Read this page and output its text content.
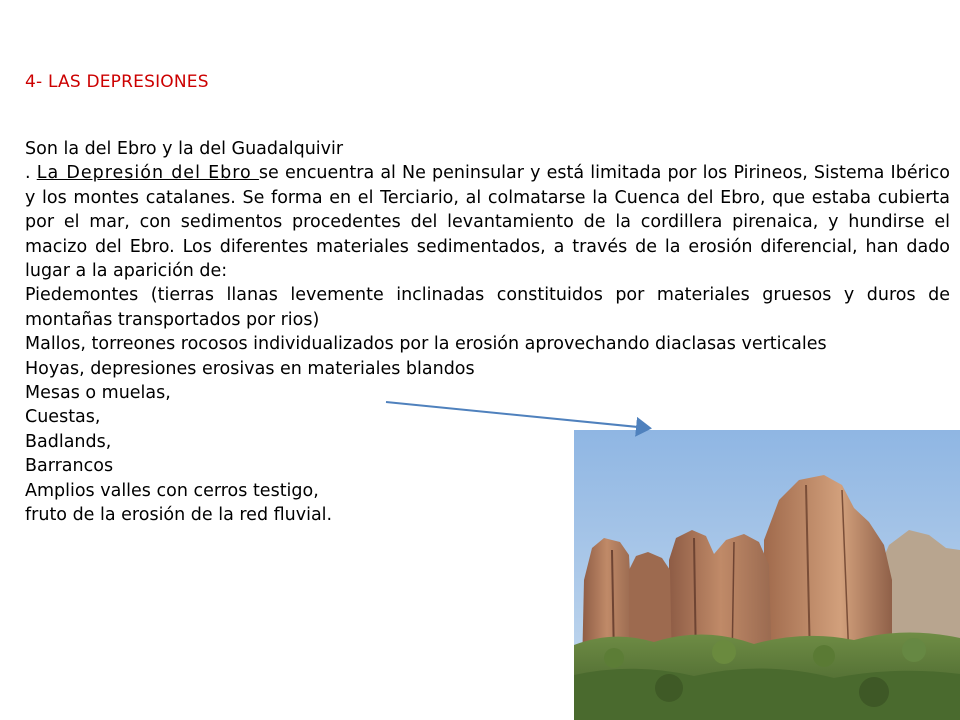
4- LAS DEPRESIONES

Son la del Ebro y la del Guadalquivir

. La Depresión del Ebro se encuentra al Ne peninsular y está limitada por los Pirineos, Sistema Ibérico y los montes catalanes. Se forma en el Terciario, al colmatarse la Cuenca del Ebro, que estaba cubierta por el mar, con sedimentos procedentes del levantamiento de la cordillera pirenaica, y hundirse el macizo del Ebro. Los diferentes materiales sedimentados, a través de la erosión diferencial, han dado lugar a la aparición de:

Piedemontes (tierras llanas levemente inclinadas constituidos por materiales gruesos y duros de montañas transportados por rios)

Mallos, torreones rocosos individualizados por la erosión aprovechando diaclasas verticales

Hoyas, depresiones erosivas en materiales blandos

Mesas o muelas,

Cuestas,

Badlands,

Barrancos

Amplios valles con cerros testigo,

fruto de la erosión de la red fluvial.
